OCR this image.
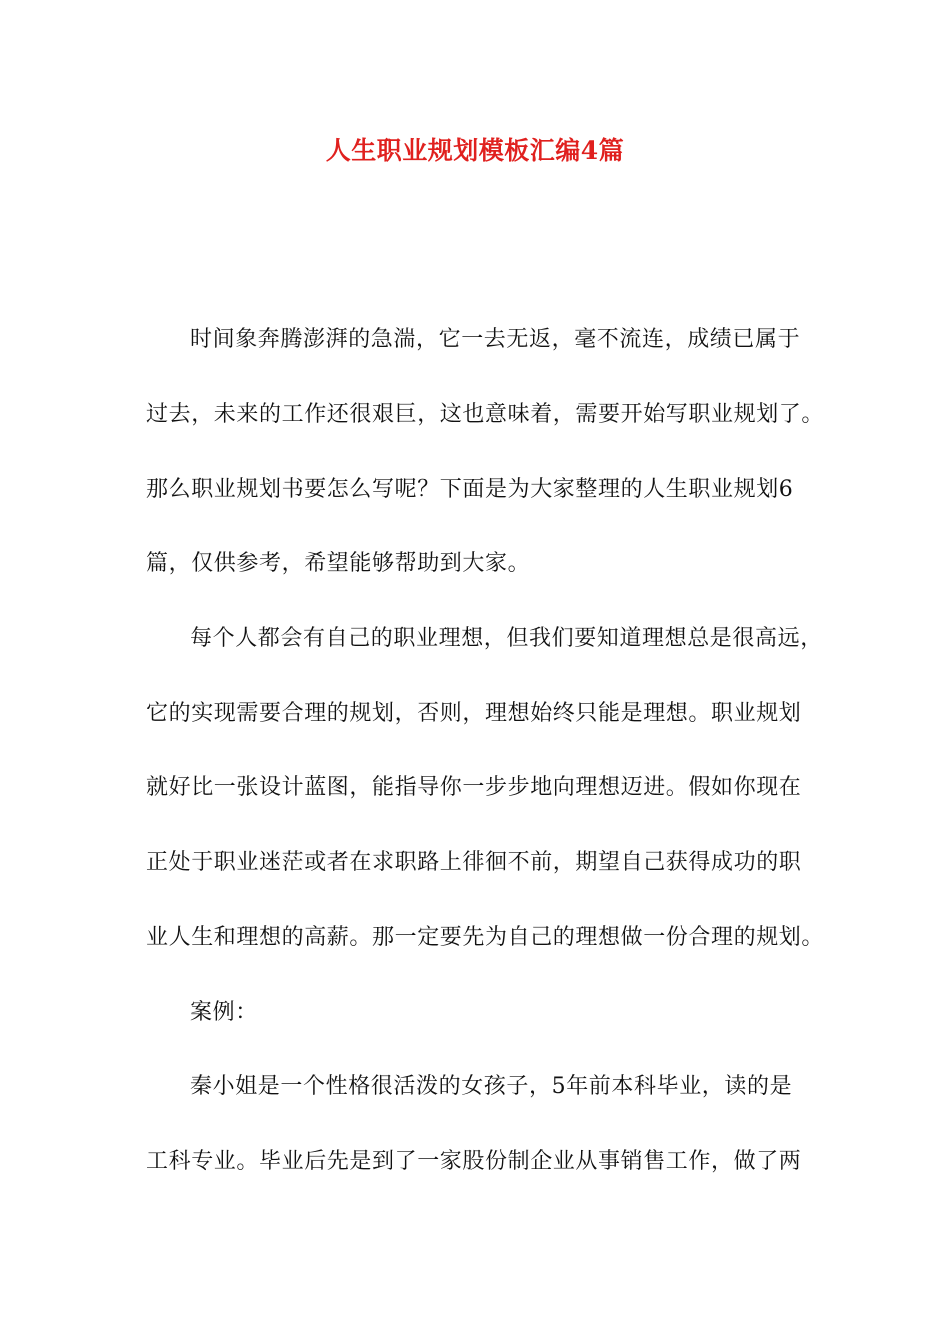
人生职业规划模板汇编4篇
时间象奔腾澎湃的急湍，它一去无返，毫不流连，成绩已属于
过去，未来的工作还很艰巨，这也意味着，需要开始写职业规划了。
那么职业规划书要怎么写呢？下面是为大家整理的人生职业规划6
篇，仅供参考，希望能够帮助到大家。
每个人都会有自己的职业理想，但我们要知道理想总是很高远，
它的实现需要合理的规划，否则，理想始终只能是理想。职业规划
就好比一张设计蓝图，能指导你一步步地向理想迈进。假如你现在
正处于职业迷茫或者在求职路上徘徊不前，期望自己获得成功的职
业人生和理想的高薪。那一定要先为自己的理想做一份合理的规划。
案例：
秦小姐是一个性格很活泼的女孩子，5年前本科毕业，读的是
工科专业。毕业后先是到了一家股份制企业从事销售工作，做了两
